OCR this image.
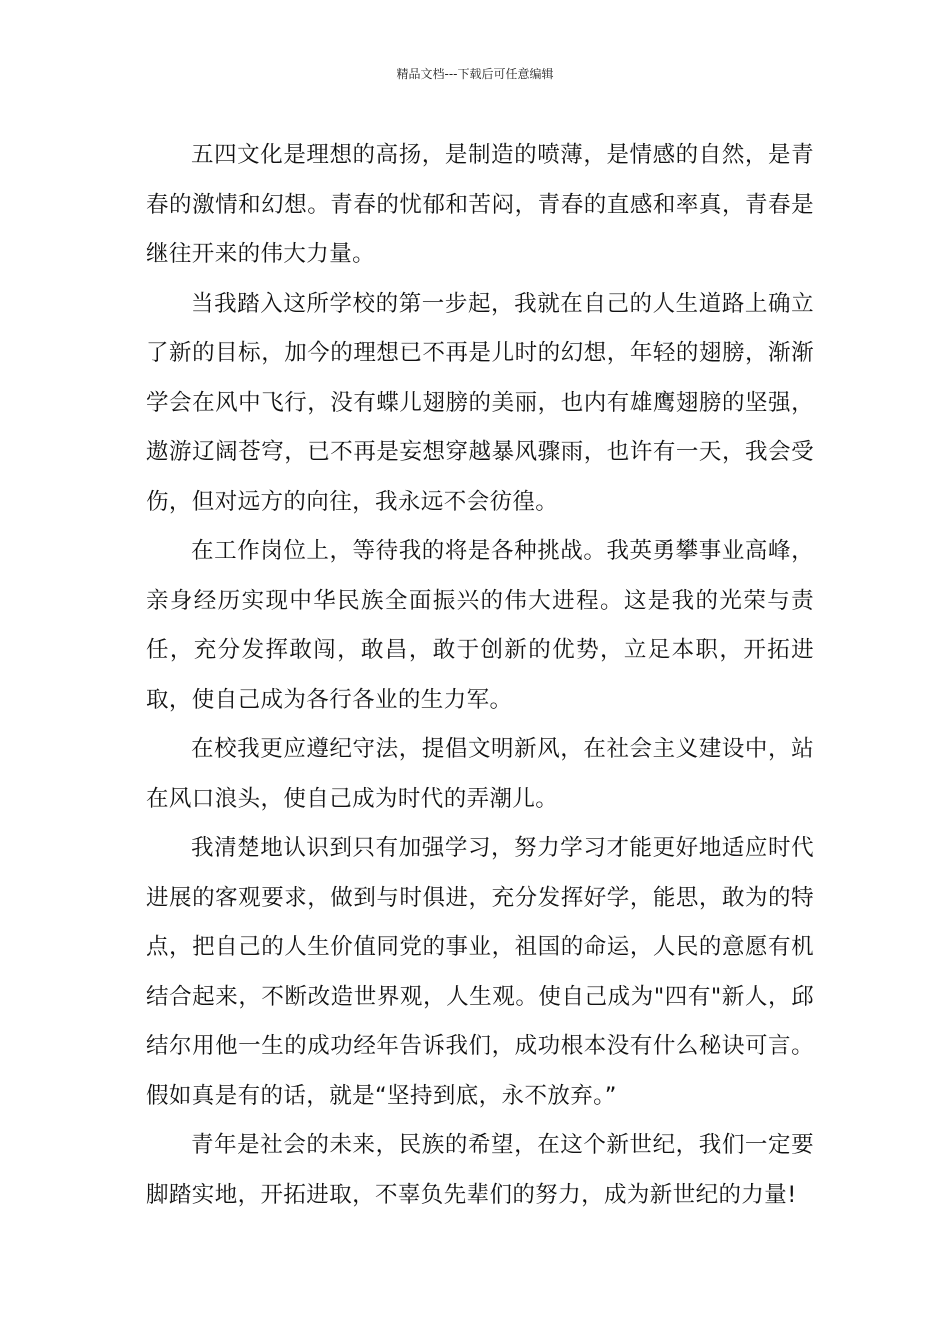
精品文档---下载后可任意编辑

五四文化是理想的高扬，是制造的喷薄，是情感的自然，是青春的激情和幻想。青春的忧郁和苦闷，青春的直感和率真，青春是继往开来的伟大力量。

当我踏入这所学校的第一步起，我就在自己的人生道路上确立了新的目标，加今的理想已不再是儿时的幻想，年轻的翅膀，渐渐学会在风中飞行，没有蝶儿翅膀的美丽，也内有雄鹰翅膀的坚强，遨游辽阔苍穹，已不再是妄想穿越暴风骤雨，也许有一天，我会受伤，但对远方的向往，我永远不会彷徨。

在工作岗位上，等待我的将是各种挑战。我英勇攀事业高峰，亲身经历实现中华民族全面振兴的伟大进程。这是我的光荣与责任，充分发挥敢闯，敢昌，敢于创新的优势，立足本职，开拓进取，使自己成为各行各业的生力军。

在校我更应遵纪守法，提倡文明新风，在社会主义建设中，站在风口浪头，使自己成为时代的弄潮儿。

我清楚地认识到只有加强学习，努力学习才能更好地适应时代进展的客观要求，做到与时俱进，充分发挥好学，能思，敢为的特点，把自己的人生价值同党的事业，祖国的命运，人民的意愿有机结合起来，不断改造世界观，人生观。使自己成为"四有"新人，邱结尔用他一生的成功经年告诉我们，成功根本没有什么秘诀可言。假如真是有的话，就是“坚持到底，永不放弃。”

青年是社会的未来，民族的希望，在这个新世纪，我们一定要脚踏实地，开拓进取，不辜负先辈们的努力，成为新世纪的力量!
